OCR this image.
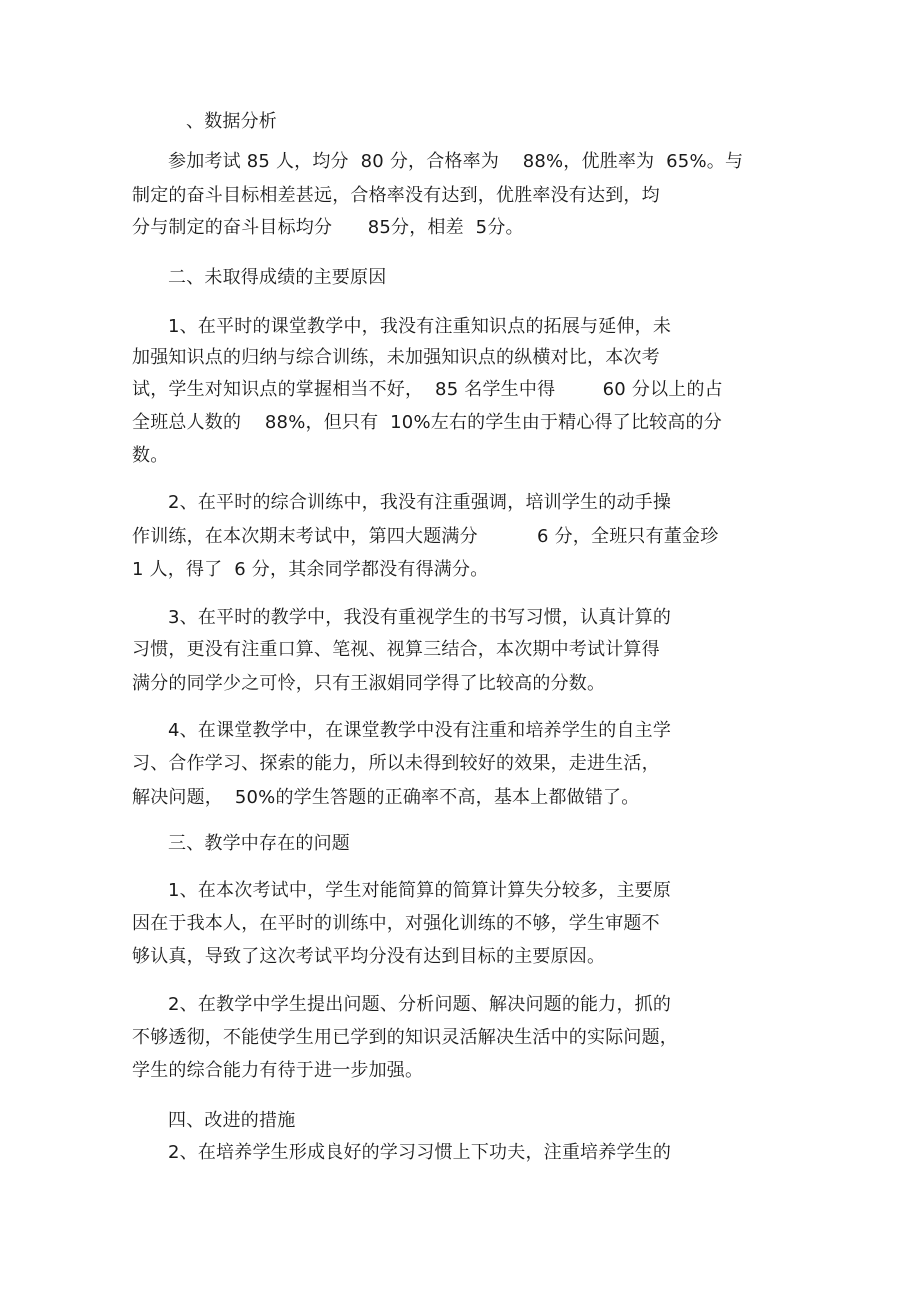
、数据分析
参加考试 85 人，均分  80 分，合格率为    88%，优胜率为  65%。与
制定的奋斗目标相差甚远，合格率没有达到，优胜率没有达到，均
分与制定的奋斗目标均分      85分，相差  5分。
二、未取得成绩的主要原因
1、在平时的课堂教学中，我没有注重知识点的拓展与延伸，未
加强知识点的归纳与综合训练，未加强知识点的纵横对比，本次考
试，学生对知识点的掌握相当不好，  85 名学生中得        60 分以上的占
全班总人数的    88%，但只有  10%左右的学生由于精心得了比较高的分
数。
2、在平时的综合训练中，我没有注重强调，培训学生的动手操
作训练，在本次期末考试中，第四大题满分          6 分，全班只有董金珍
1 人，得了  6 分，其余同学都没有得满分。
3、在平时的教学中，我没有重视学生的书写习惯，认真计算的
习惯，更没有注重口算、笔视、视算三结合，本次期中考试计算得
满分的同学少之可怜，只有王淑娟同学得了比较高的分数。
4、在课堂教学中，在课堂教学中没有注重和培养学生的自主学
习、合作学习、探索的能力，所以未得到较好的效果，走进生活，
解决问题，  50%的学生答题的正确率不高，基本上都做错了。
三、教学中存在的问题
1、在本次考试中，学生对能简算的简算计算失分较多，主要原
因在于我本人，在平时的训练中，对强化训练的不够，学生审题不
够认真，导致了这次考试平均分没有达到目标的主要原因。
2、在教学中学生提出问题、分析问题、解决问题的能力，抓的
不够透彻，不能使学生用已学到的知识灵活解决生活中的实际问题，
学生的综合能力有待于进一步加强。
四、改进的措施
2、在培养学生形成良好的学习习惯上下功夫，注重培养学生的
